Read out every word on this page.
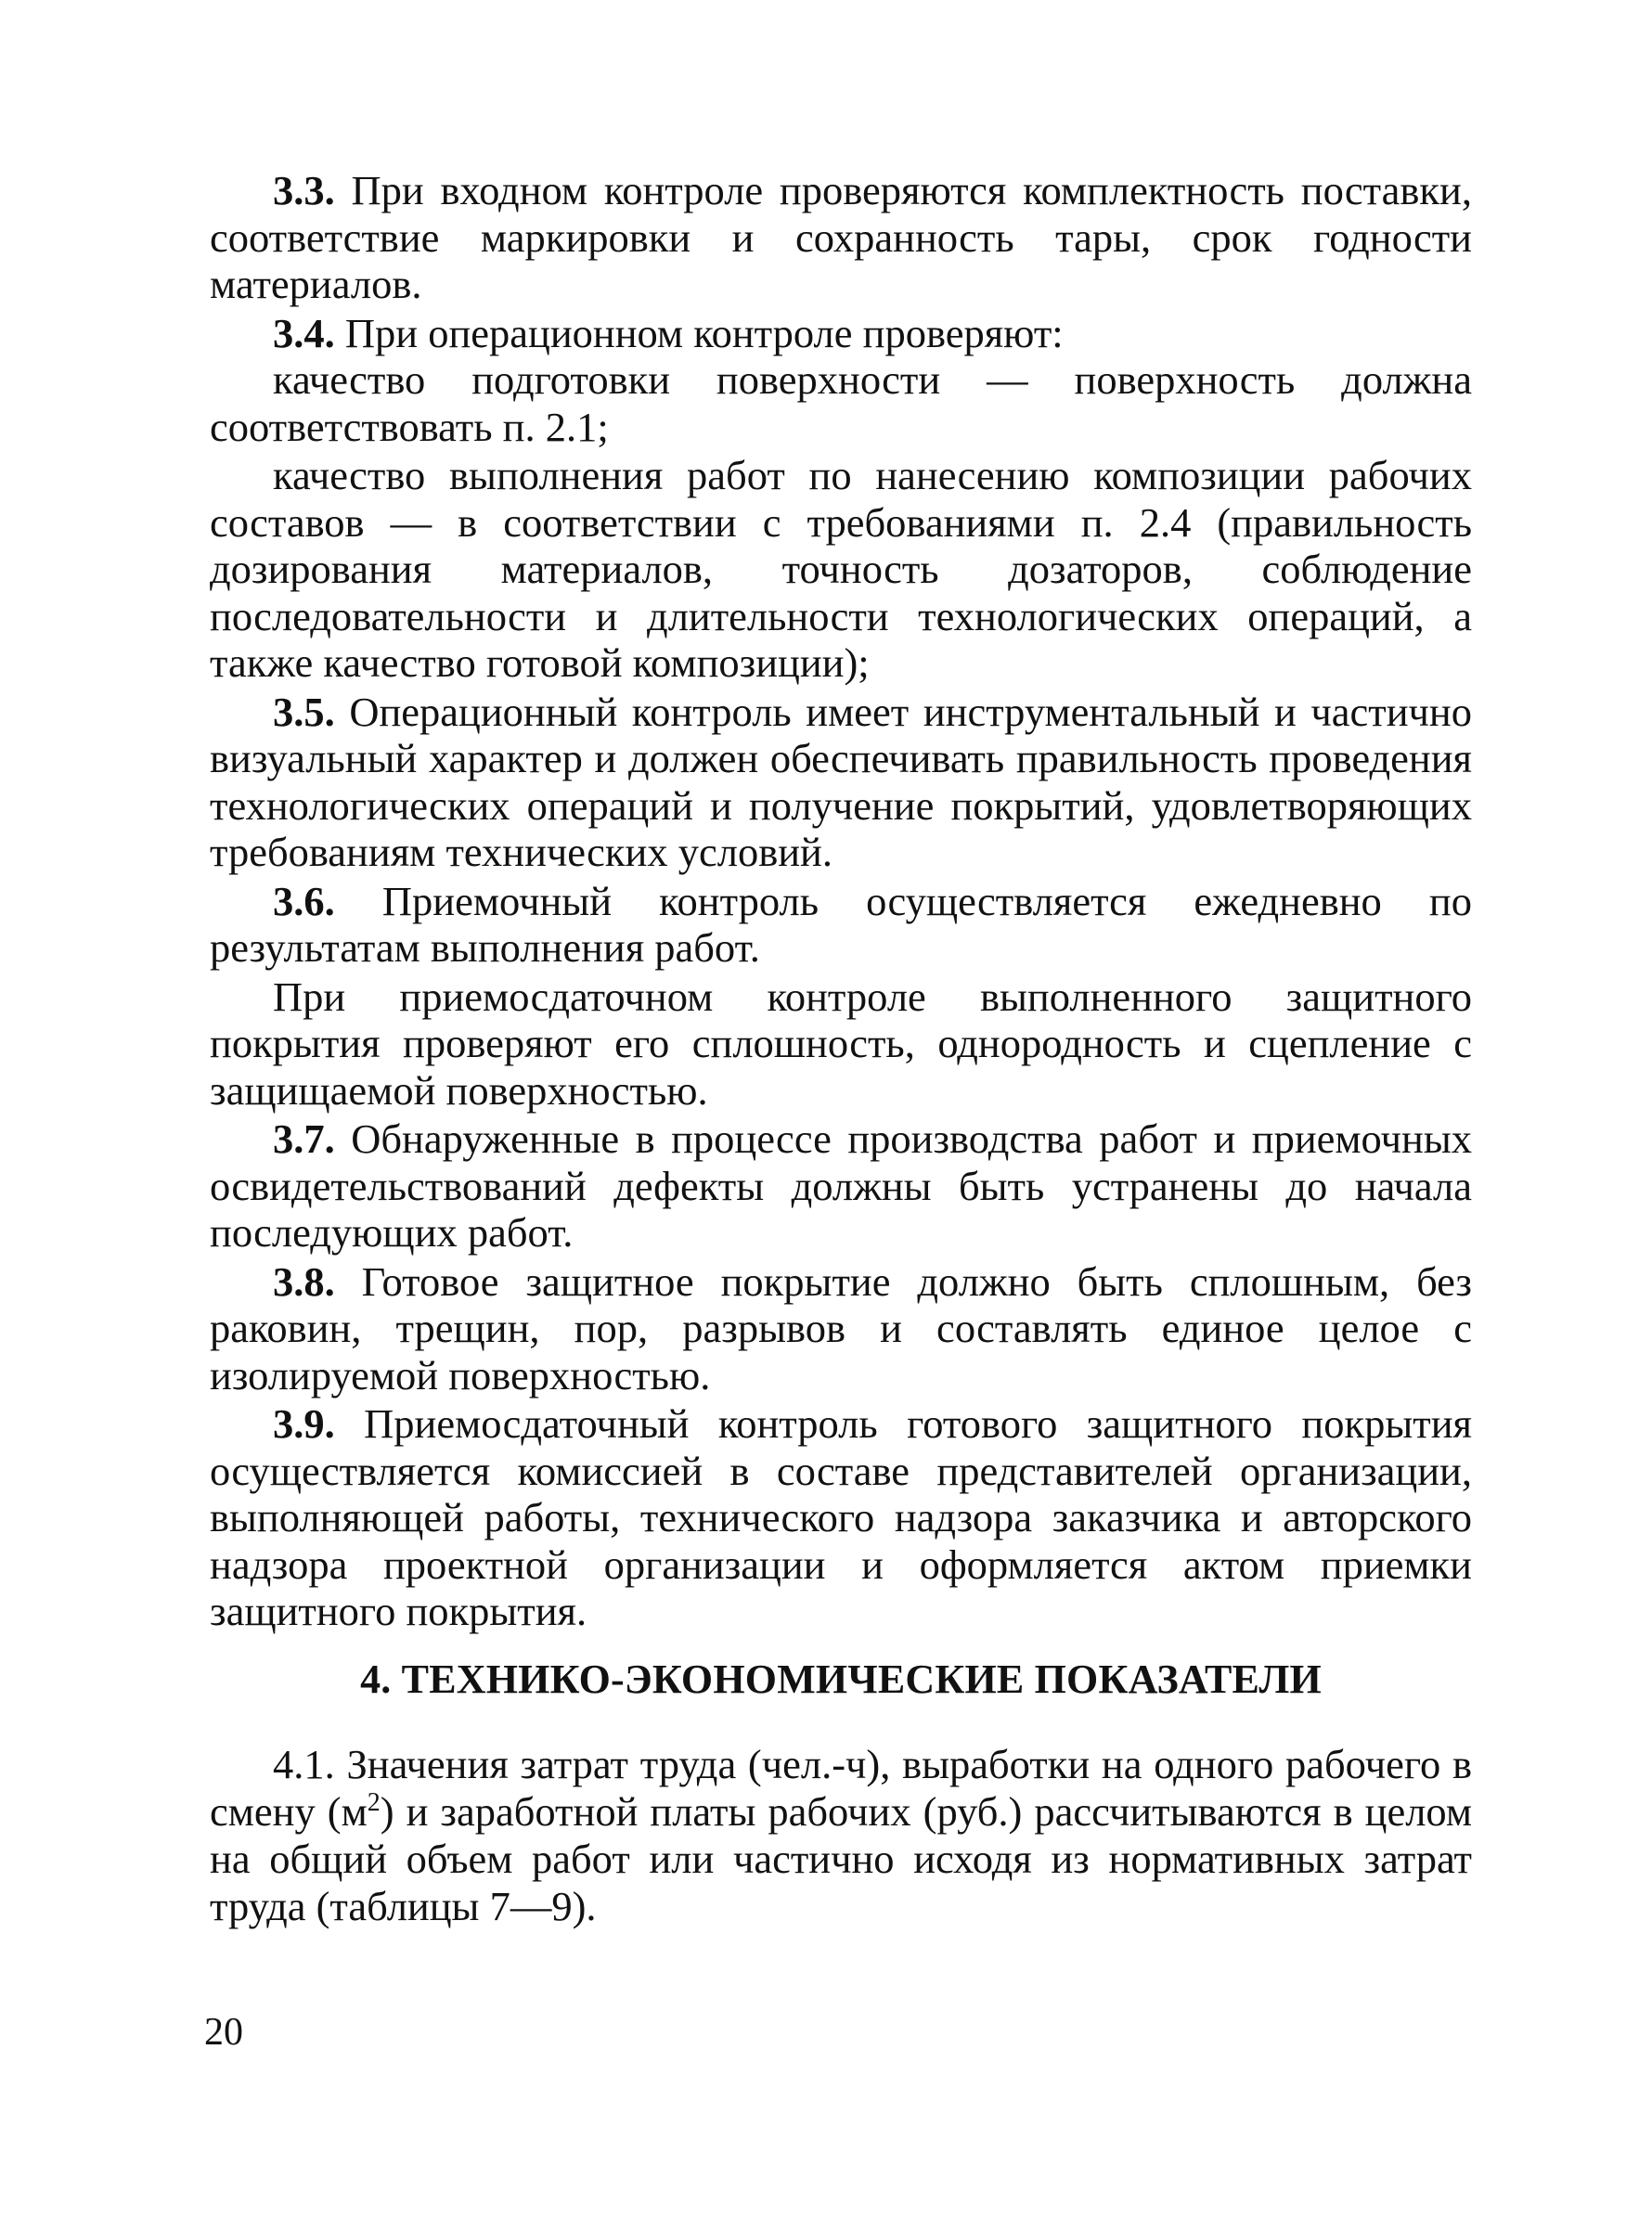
3.3. При входном контроле проверяются комплектность поставки, соответствие маркировки и сохранность тары, срок годности материалов.

3.4. При операционном контроле проверяют:

качество подготовки поверхности — поверхность должна соответствовать п. 2.1;

качество выполнения работ по нанесению композиции рабочих составов — в соответствии с требованиями п. 2.4 (правильность дозирования материалов, точность дозаторов, соблюдение последовательности и длительности технологических операций, а также качество готовой композиции);

3.5. Операционный контроль имеет инструментальный и частично визуальный характер и должен обеспечивать правильность проведения технологических операций и получение покрытий, удовлетворяющих требованиям технических условий.

3.6. Приемочный контроль осуществляется ежедневно по результатам выполнения работ.

При приемосдаточном контроле выполненного защитного покрытия проверяют его сплошность, однородность и сцепление с защищаемой поверхностью.

3.7. Обнаруженные в процессе производства работ и приемочных освидетельствований дефекты должны быть устранены до начала последующих работ.

3.8. Готовое защитное покрытие должно быть сплошным, без раковин, трещин, пор, разрывов и составлять единое целое с изолируемой поверхностью.

3.9. Приемосдаточный контроль готового защитного покрытия осуществляется комиссией в составе представителей организации, выполняющей работы, технического надзора заказчика и авторского надзора проектной организации и оформляется актом приемки защитного покрытия.

4. ТЕХНИКО-ЭКОНОМИЧЕСКИЕ ПОКАЗАТЕЛИ

4.1. Значения затрат труда (чел.-ч), выработки на одного рабочего в смену $(м^2)$ и заработной платы рабочих (руб.) рассчитываются в целом на общий объем работ или частично исходя из нормативных затрат труда (таблицы 7—9).

20
